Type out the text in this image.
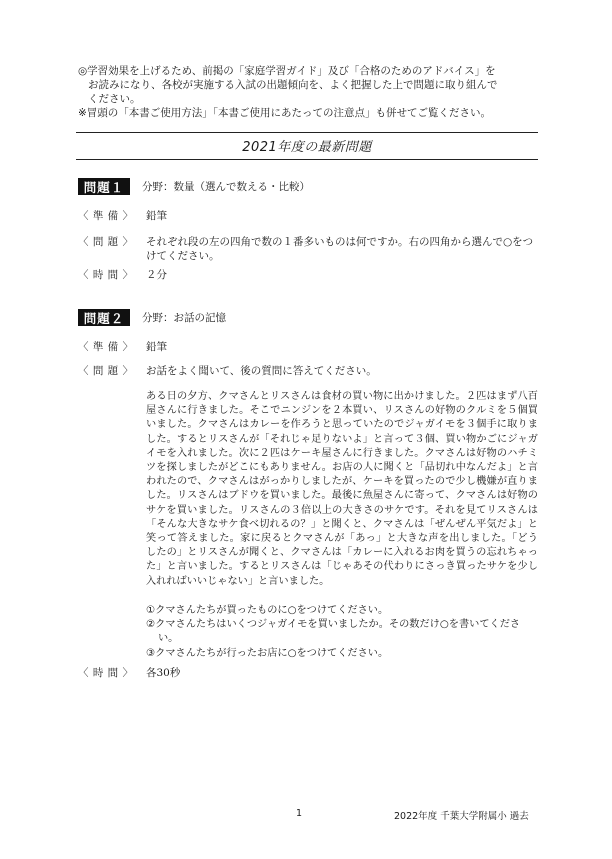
◎学習効果を上げるため、前掲の「家庭学習ガイド」及び「合格のためのアドバイス」を

お読みになり、各校が実施する入試の出題傾向を、よく把握した上で問題に取り組んで

ください。

※冒頭の「本書ご使用方法」「本書ご使用にあたっての注意点」も併せてご覧ください。

2021年度の最新問題
問題１	分野：数量（選んで数える・比較）
〈 準 備 〉	鉛筆
〈 問 題 〉	それぞれ段の左の四角で数の１番多いものは何ですか。右の四角から選んで○をつけてください。

〈 時 間 〉	２分
問題２	分野：お話の記憶
〈 準 備 〉	鉛筆
〈 問 題 〉	お話をよく聞いて、後の質問に答えてください。

ある日の夕方、クマさんとリスさんは食材の買い物に出かけました。２匹はまず八百屋さんに行きました。そこでニンジンを２本買い、リスさんの好物のクルミを５個買いました。クマさんはカレーを作ろうと思っていたのでジャガイモを３個手に取りました。するとリスさんが「それじゃ足りないよ」と言って３個、買い物かごにジャガイモを入れました。次に２匹はケーキ屋さんに行きました。クマさんは好物のハチミツを探しましたがどこにもありません。お店の人に聞くと「品切れ中なんだよ」と言われたので、クマさんはがっかりしましたが、ケーキを買ったので少し機嫌が直りました。リスさんはブドウを買いました。最後に魚屋さんに寄って、クマさんは好物のサケを買いました。リスさんの３倍以上の大きさのサケです。それを見てリスさんは「そんな大きなサケ食べ切れるの？」と聞くと、クマさんは「ぜんぜん平気だよ」と笑って答えました。家に戻るとクマさんが「あっ」と大きな声を出しました。「どうしたの」とリスさんが聞くと、クマさんは「カレーに入れるお肉を買うの忘れちゃった」と言いました。するとリスさんは「じゃあその代わりにさっき買ったサケを少し入れればいいじゃない」と言いました。

①クマさんたちが買ったものに○をつけてください。
②クマさんたちはいくつジャガイモを買いましたか。その数だけ○を書いてください。
③クマさんたちが行ったお店に○をつけてください。
〈 時 間 〉	各30秒
1	2022年度 千葉大学附属小 過去
